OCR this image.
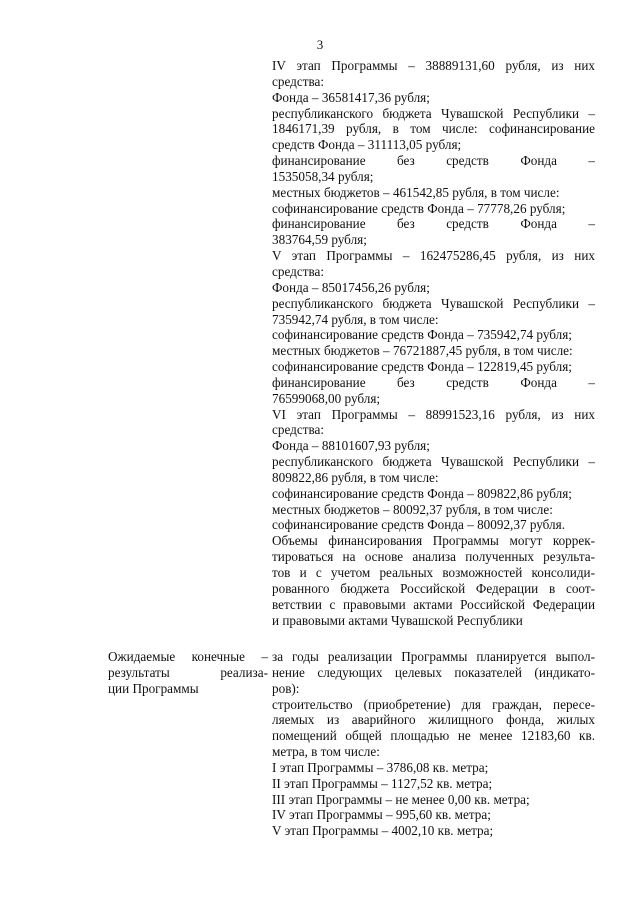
3
IV этап Программы – 38889131,60 рубля, из них
средства:
Фонда – 36581417,36 рубля;
республиканского бюджета Чувашской Республики –
1846171,39 рубля, в том числе: софинансирование
средств Фонда – 311113,05 рубля;
финансирование без средств Фонда –
1535058,34 рубля;
местных бюджетов – 461542,85 рубля, в том числе:
софинансирование средств Фонда – 77778,26 рубля;
финансирование без средств Фонда –
383764,59 рубля;
V этап Программы – 162475286,45 рубля, из них
средства:
Фонда – 85017456,26 рубля;
республиканского бюджета Чувашской Республики –
735942,74 рубля, в том числе:
софинансирование средств Фонда – 735942,74 рубля;
местных бюджетов – 76721887,45 рубля, в том числе:
софинансирование средств Фонда – 122819,45 рубля;
финансирование без средств Фонда –
76599068,00 рубля;
VI этап Программы – 88991523,16 рубля, из них
средства:
Фонда – 88101607,93 рубля;
республиканского бюджета Чувашской Республики –
809822,86 рубля, в том числе:
софинансирование средств Фонда – 809822,86 рубля;
местных бюджетов – 80092,37 рубля, в том числе:
софинансирование средств Фонда – 80092,37 рубля.
Объемы финансирования Программы могут коррек-
тироваться на основе анализа полученных результа-
тов и с учетом реальных возможностей консолиди-
рованного бюджета Российской Федерации в соот-
ветствии с правовыми актами Российской Федерации
и правовыми актами Чувашской Республики
Ожидаемые конечные –
результаты реализа-
ции Программы
за годы реализации Программы планируется выпол-
нение следующих целевых показателей (индикато-
ров):
строительство (приобретение) для граждан, пересе-
ляемых из аварийного жилищного фонда, жилых
помещений общей площадью не менее 12183,60 кв.
метра, в том числе:
I этап Программы – 3786,08 кв. метра;
II этап Программы – 1127,52 кв. метра;
III этап Программы – не менее 0,00 кв. метра;
IV этап Программы – 995,60 кв. метра;
V этап Программы – 4002,10 кв. метра;
